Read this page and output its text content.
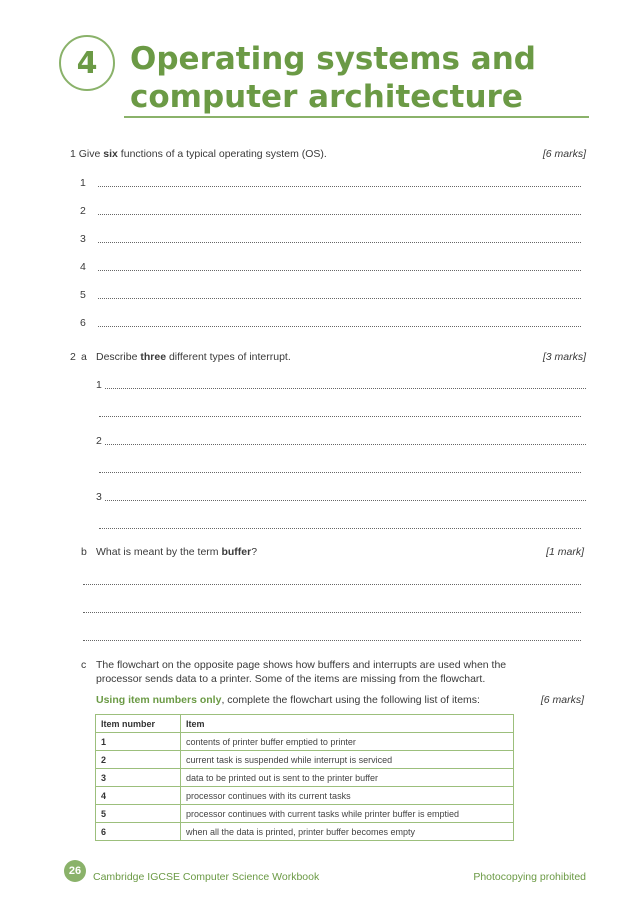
4 Operating systems and
computer architecture
1 Give six functions of a typical operating system (OS).	[6 marks]
1
2
3
4
5
6
2 a Describe three different types of interrupt.	[3 marks]
1
2
3
b What is meant by the term buffer?	[1 mark]
c The flowchart on the opposite page shows how buffers and interrupts are used when the
processor sends data to a printer. Some of the items are missing from the flowchart.
Using item numbers only, complete the flowchart using the following list of items:	[6 marks]
Item number	Item
1	contents of printer buffer emptied to printer
2	current task is suspended while interrupt is serviced
3	data to be printed out is sent to the printer buffer
4	processor continues with its current tasks
5	processor continues with current tasks while printer buffer is emptied
6	when all the data is printed, printer buffer becomes empty
26 Cambridge IGCSE Computer Science Workbook	Photocopying prohibited
